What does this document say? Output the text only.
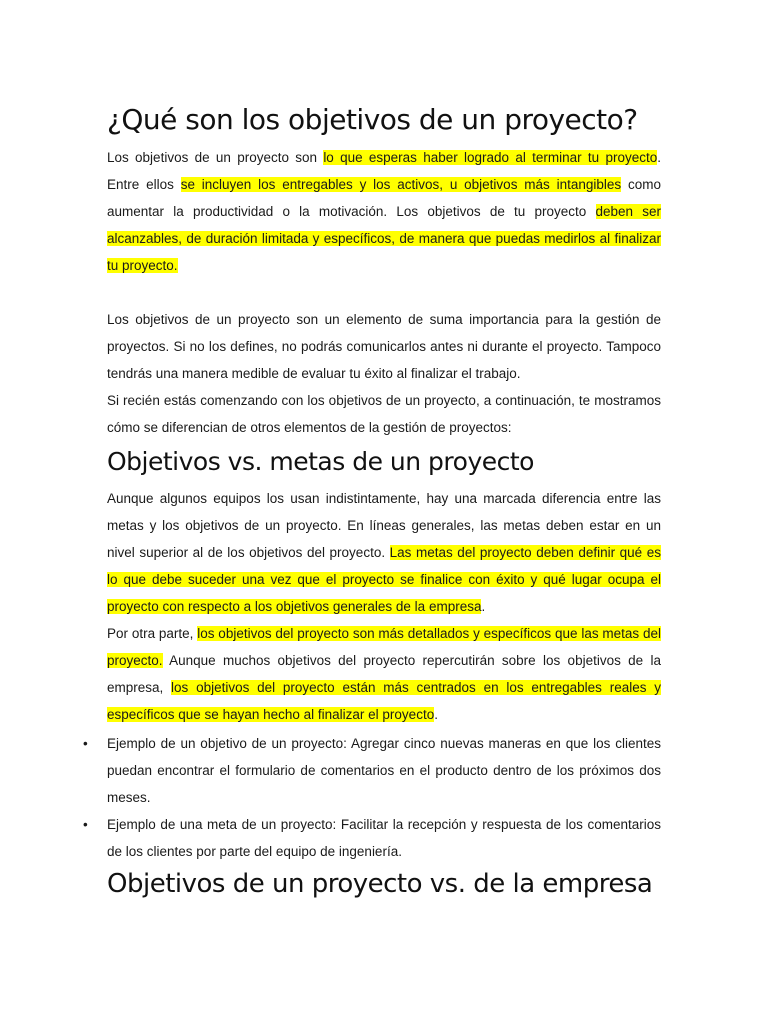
¿Qué son los objetivos de un proyecto?

Los objetivos de un proyecto son lo que esperas haber logrado al terminar tu proyecto. Entre ellos se incluyen los entregables y los activos, u objetivos más intangibles como aumentar la productividad o la motivación. Los objetivos de tu proyecto deben ser alcanzables, de duración limitada y específicos, de manera que puedas medirlos al finalizar tu proyecto.

Los objetivos de un proyecto son un elemento de suma importancia para la gestión de proyectos. Si no los defines, no podrás comunicarlos antes ni durante el proyecto. Tampoco tendrás una manera medible de evaluar tu éxito al finalizar el trabajo.

Si recién estás comenzando con los objetivos de un proyecto, a continuación, te mostramos cómo se diferencian de otros elementos de la gestión de proyectos:

Objetivos vs. metas de un proyecto

Aunque algunos equipos los usan indistintamente, hay una marcada diferencia entre las metas y los objetivos de un proyecto. En líneas generales, las metas deben estar en un nivel superior al de los objetivos del proyecto. Las metas del proyecto deben definir qué es lo que debe suceder una vez que el proyecto se finalice con éxito y qué lugar ocupa el proyecto con respecto a los objetivos generales de la empresa.

Por otra parte, los objetivos del proyecto son más detallados y específicos que las metas del proyecto. Aunque muchos objetivos del proyecto repercutirán sobre los objetivos de la empresa, los objetivos del proyecto están más centrados en los entregables reales y específicos que se hayan hecho al finalizar el proyecto.

• Ejemplo de un objetivo de un proyecto: Agregar cinco nuevas maneras en que los clientes puedan encontrar el formulario de comentarios en el producto dentro de los próximos dos meses.

• Ejemplo de una meta de un proyecto: Facilitar la recepción y respuesta de los comentarios de los clientes por parte del equipo de ingeniería.

Objetivos de un proyecto vs. de la empresa
